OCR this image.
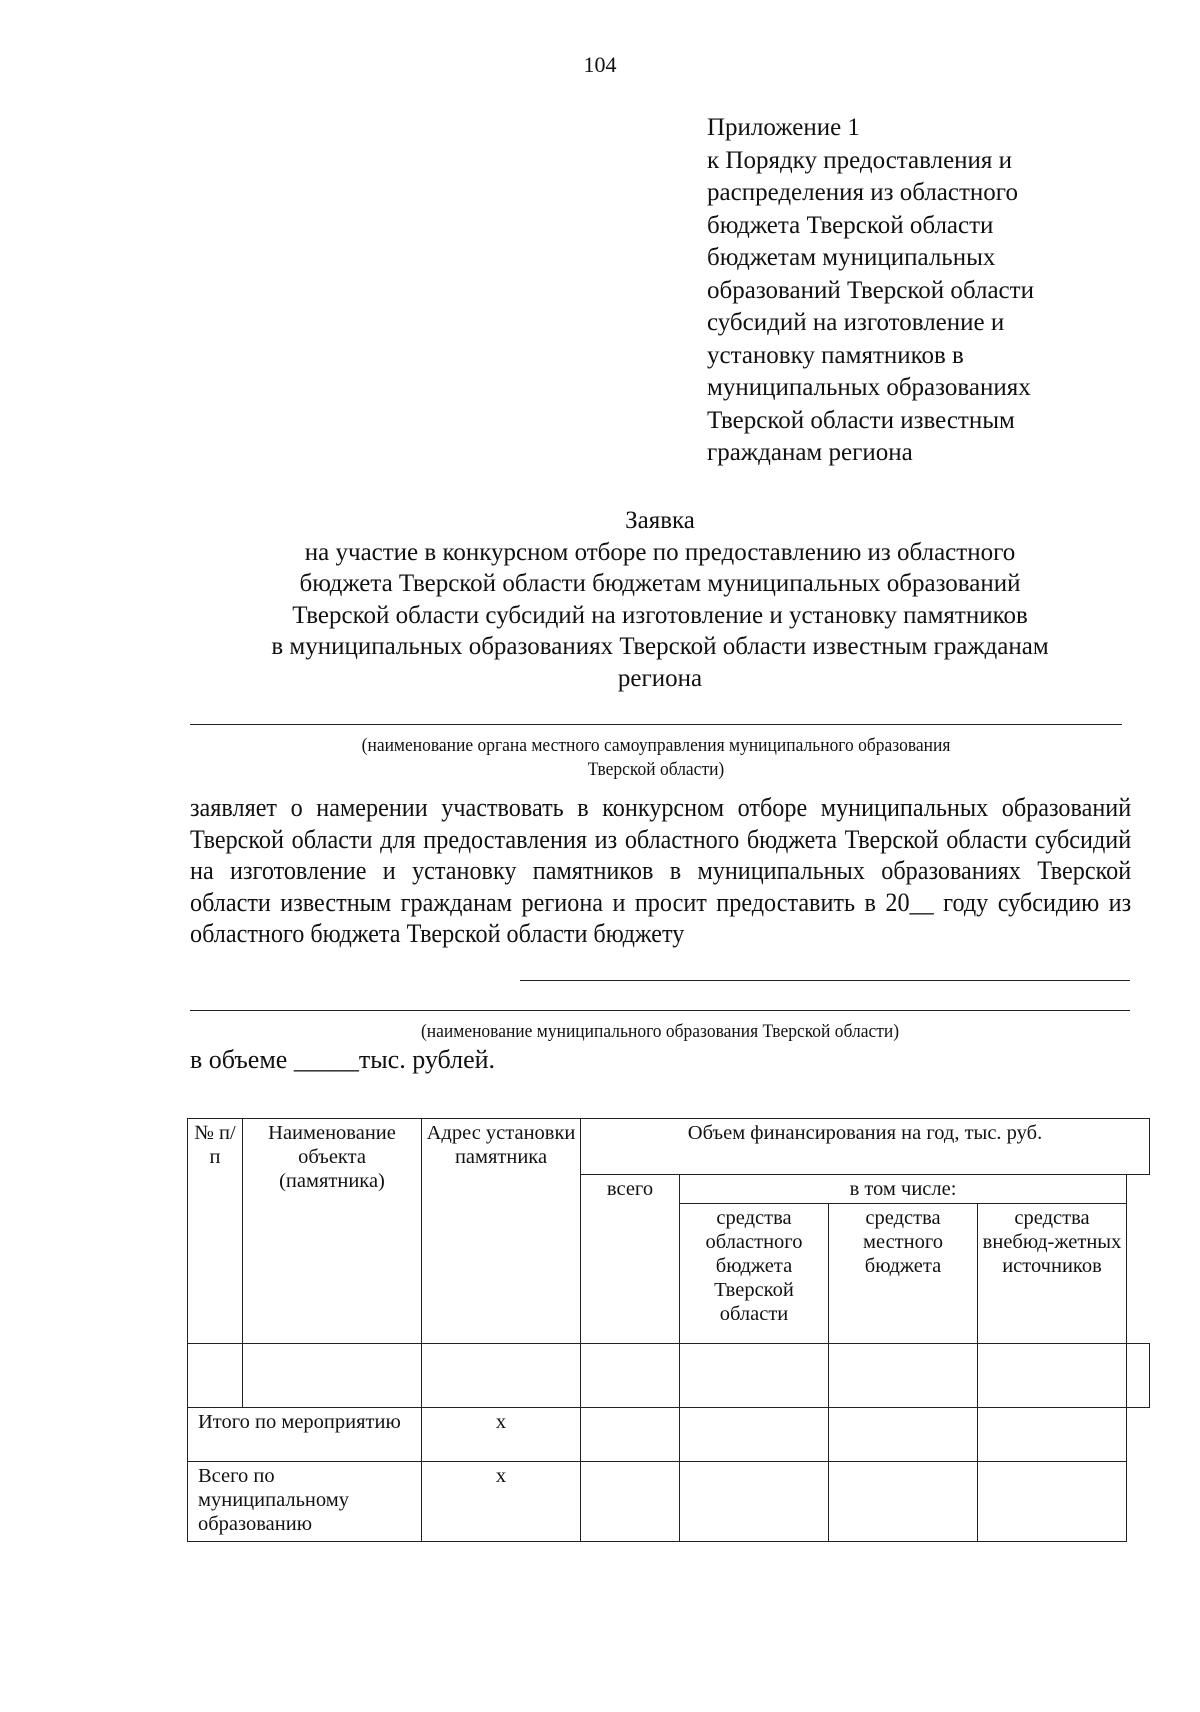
104
Приложение 1
к Порядку предоставления и
распределения из областного
бюджета Тверской области
бюджетам муниципальных
образований Тверской области
субсидий на изготовление и
установку памятников в
муниципальных образованиях
Тверской области известным
гражданам региона
Заявка
на участие в конкурсном отборе по предоставлению из областного
бюджета Тверской области бюджетам муниципальных образований
Тверской области субсидий на изготовление и установку памятников
в муниципальных образованиях Тверской области известным гражданам
региона
(наименование органа местного самоуправления муниципального образования
Тверской области)
заявляет о намерении участвовать в конкурсном отборе муниципальных образований Тверской области для предоставления из областного бюджета Тверской области субсидий на изготовление и установку памятников в муниципальных образованиях Тверской области известным гражданам региона и просит предоставить в 20__ году субсидию из областного бюджета Тверской области бюджету
(наименование муниципального образования Тверской области)
в объеме _____тыс. рублей.
№ п/п	Наименование объекта (памятника)	Адрес установки памятника	Объем финансирования на год, тыс. руб.				
			всего	в том числе:			
				средства областного бюджета Тверской области	средства местного бюджета	средства внебюд-жетных источников	

Итого по мероприятию		x					
Всего по муниципальному образованию		x					
